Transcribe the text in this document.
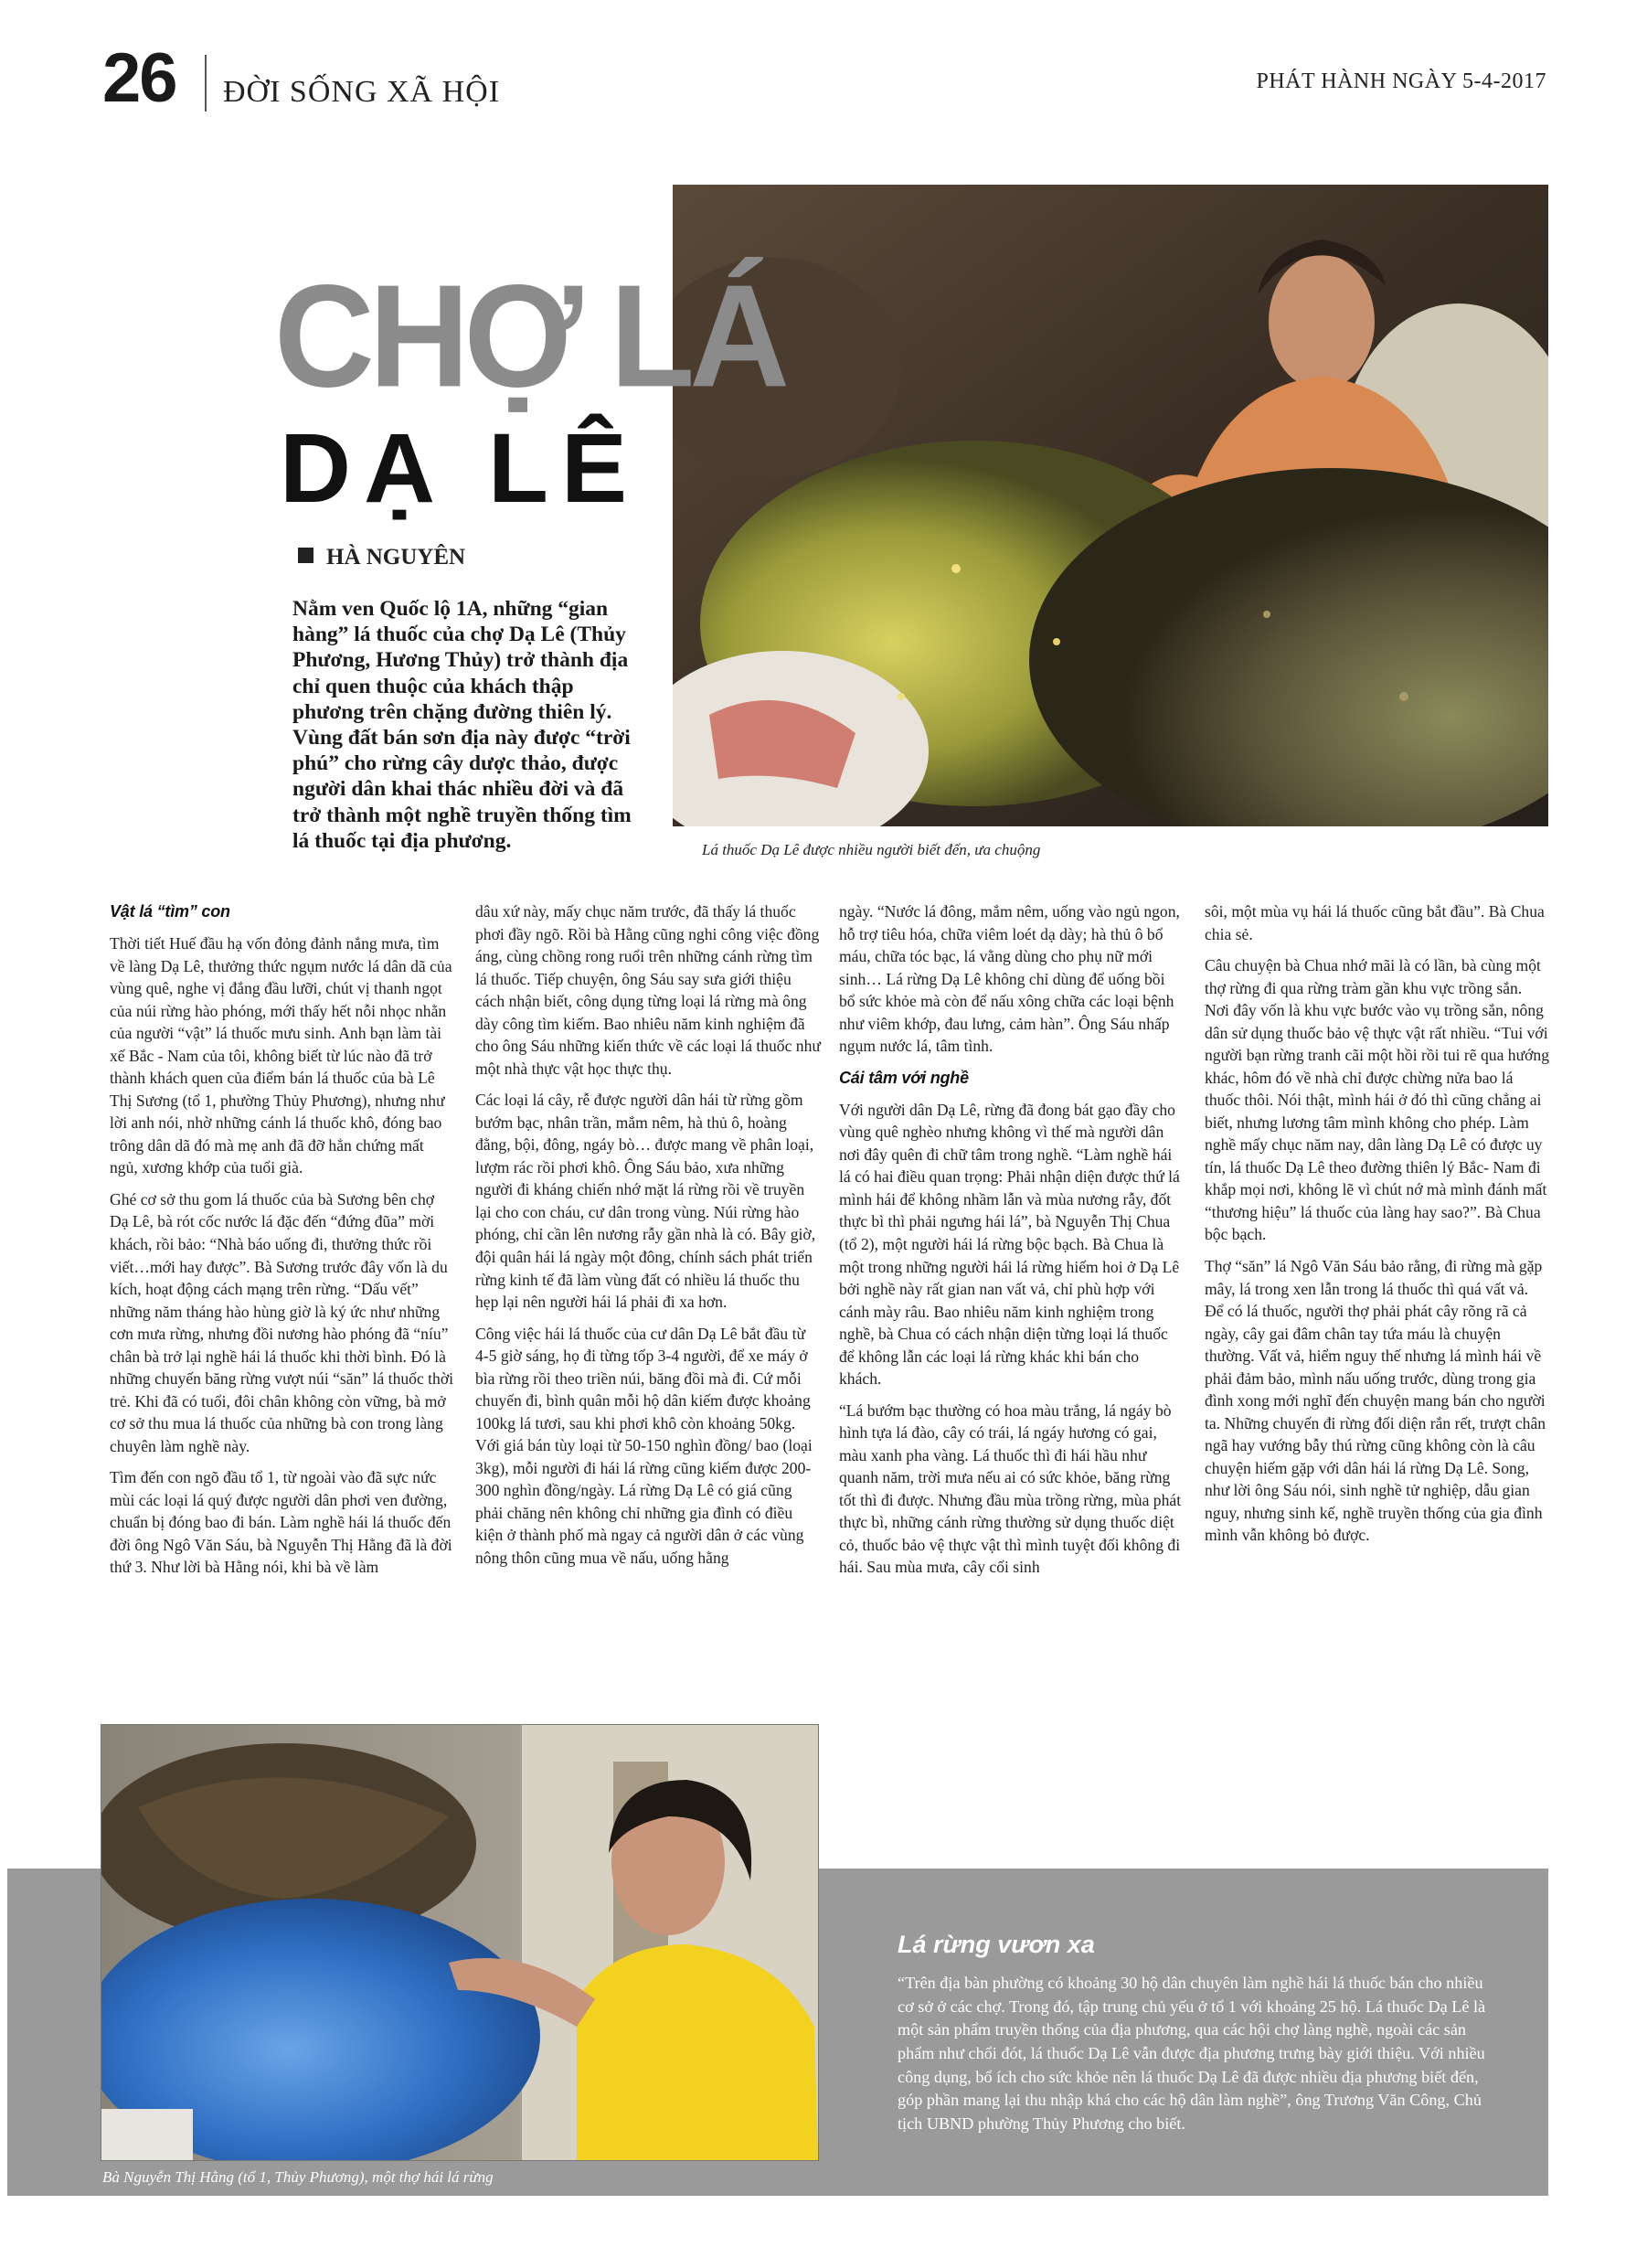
26 ĐỜI SỐNG XÃ HỘI	PHÁT HÀNH NGÀY 5-4-2017
CHỢ LÁ
DẠ LÊ
HÀ NGUYÊN
Nằm ven Quốc lộ 1A, những “gian hàng” lá thuốc của chợ Dạ Lê (Thủy Phương, Hương Thủy) trở thành địa chỉ quen thuộc của khách thập phương trên chặng đường thiên lý. Vùng đất bán sơn địa này được “trời phú” cho rừng cây dược thảo, được người dân khai thác nhiều đời và đã trở thành một nghề truyền thống tìm lá thuốc tại địa phương.	Lá thuốc Dạ Lê được nhiều người biết đến, ưa chuộng
Vật lá “tìm” con

Thời tiết Huế đầu hạ vốn đỏng đảnh nắng mưa, tìm về làng Dạ Lê, thưởng thức ngụm nước lá dân dã của vùng quê, nghe vị đắng đầu lưỡi, chút vị thanh ngọt của núi rừng hào phóng, mới thấy hết nỗi nhọc nhằn của người “vật” lá thuốc mưu sinh. Anh bạn làm tài xế Bắc - Nam của tôi, không biết từ lúc nào đã trở thành khách quen của điểm bán lá thuốc của bà Lê Thị Sương (tổ 1, phường Thủy Phương), nhưng như lời anh nói, nhờ những cánh lá thuốc khô, đóng bao trông dân dã đó mà mẹ anh đã đỡ hẳn chứng mất ngủ, xương khớp của tuổi già.

Ghé cơ sở thu gom lá thuốc của bà Sương bên chợ Dạ Lê, bà rót cốc nước lá đặc đến “đứng đũa” mời khách, rồi bảo: “Nhà báo uống đi, thưởng thức rồi viết…mới hay được”. Bà Sương trước đây vốn là du kích, hoạt động cách mạng trên rừng. “Dấu vết” những năm tháng hào hùng giờ là ký ức như những cơn mưa rừng, nhưng đồi nương hào phóng đã “níu” chân bà trở lại nghề hái lá thuốc khi thời bình. Đó là những chuyến băng rừng vượt núi “săn” lá thuốc thời trẻ. Khi đã có tuổi, đôi chân không còn vững, bà mở cơ sở thu mua lá thuốc của những bà con trong làng chuyên làm nghề này.

Tìm đến con ngõ đầu tổ 1, từ ngoài vào đã sực nức mùi các loại lá quý được người dân phơi ven đường, chuẩn bị đóng bao đi bán. Làm nghề hái lá thuốc đến đời ông Ngô Văn Sáu, bà Nguyễn Thị Hằng đã là đời thứ 3. Như lời bà Hằng nói, khi bà về làm

dâu xứ này, mấy chục năm trước, đã thấy lá thuốc phơi đầy ngõ. Rồi bà Hằng cũng nghi công việc đồng áng, cùng chồng rong ruổi trên những cánh rừng tìm lá thuốc. Tiếp chuyện, ông Sáu say sưa giới thiệu cách nhận biết, công dụng từng loại lá rừng mà ông dày công tìm kiếm. Bao nhiêu năm kinh nghiệm đã cho ông Sáu những kiến thức về các loại lá thuốc như một nhà thực vật học thực thụ.

Các loại lá cây, rễ được người dân hái từ rừng gồm bướm bạc, nhân trần, mắm nêm, hà thủ ô, hoàng đằng, bội, đông, ngáy bò… được mang về phân loại, lượm rác rồi phơi khô. Ông Sáu bảo, xưa những người đi kháng chiến nhớ mặt lá rừng rồi về truyền lại cho con cháu, cư dân trong vùng. Núi rừng hào phóng, chỉ cần lên nương rẫy gần nhà là có. Bây giờ, đội quân hái lá ngày một đông, chính sách phát triển rừng kinh tế đã làm vùng đất có nhiều lá thuốc thu hẹp lại nên người hái lá phải đi xa hơn.

Công việc hái lá thuốc của cư dân Dạ Lê bắt đầu từ 4-5 giờ sáng, họ đi từng tốp 3-4 người, để xe máy ở bìa rừng rồi theo triền núi, băng đồi mà đi. Cứ mỗi chuyến đi, bình quân mỗi hộ dân kiếm được khoảng 100kg lá tươi, sau khi phơi khô còn khoảng 50kg. Với giá bán tùy loại từ 50-150 nghìn đồng/ bao (loại 3kg), mỗi người đi hái lá rừng cũng kiếm được 200-300 nghìn đồng/ngày. Lá rừng Dạ Lê có giá cũng phải chăng nên không chỉ những gia đình có điều kiện ở thành phố mà ngay cả người dân ở các vùng nông thôn cũng mua về nấu, uống hằng

ngày. “Nước lá đông, mắm nêm, uống vào ngủ ngon, hỗ trợ tiêu hóa, chữa viêm loét dạ dày; hà thủ ô bổ máu, chữa tóc bạc, lá vằng dùng cho phụ nữ mới sinh… Lá rừng Dạ Lê không chỉ dùng để uống bồi bổ sức khỏe mà còn để nấu xông chữa các loại bệnh như viêm khớp, đau lưng, cảm hàn”. Ông Sáu nhấp ngụm nước lá, tâm tình.

Cái tâm với nghề

Với người dân Dạ Lê, rừng đã đong bát gạo đầy cho vùng quê nghèo nhưng không vì thế mà người dân nơi đây quên đi chữ tâm trong nghề. “Làm nghề hái lá có hai điều quan trọng: Phải nhận diện được thứ lá mình hái để không nhầm lẫn và mùa nương rẫy, đốt thực bì thì phải ngưng hái lá”, bà Nguyễn Thị Chua (tổ 2), một người hái lá rừng bộc bạch. Bà Chua là một trong những người hái lá rừng hiếm hoi ở Dạ Lê bởi nghề này rất gian nan vất vả, chỉ phù hợp với cánh mày râu. Bao nhiêu năm kinh nghiệm trong nghề, bà Chua có cách nhận diện từng loại lá thuốc để không lẫn các loại lá rừng khác khi bán cho khách.

“Lá bướm bạc thường có hoa màu trắng, lá ngáy bò hình tựa lá đào, cây có trái, lá ngáy hương có gai, màu xanh pha vàng. Lá thuốc thì đi hái hầu như quanh năm, trời mưa nếu ai có sức khỏe, băng rừng tốt thì đi được. Nhưng đầu mùa trồng rừng, mùa phát thực bì, những cánh rừng thường sử dụng thuốc diệt cỏ, thuốc bảo vệ thực vật thì mình tuyệt đối không đi hái. Sau mùa mưa, cây cối sinh

sôi, một mùa vụ hái lá thuốc cũng bắt đầu”. Bà Chua chia sẻ.

Câu chuyện bà Chua nhớ mãi là có lần, bà cùng một thợ rừng đi qua rừng tràm gần khu vực trồng sắn. Nơi đây vốn là khu vực bước vào vụ trồng sắn, nông dân sử dụng thuốc bảo vệ thực vật rất nhiều. “Tui với người bạn rừng tranh cãi một hồi rồi tui rẽ qua hướng khác, hôm đó về nhà chỉ được chừng nửa bao lá thuốc thôi. Nói thật, mình hái ở đó thì cũng chẳng ai biết, nhưng lương tâm mình không cho phép. Làm nghề mấy chục năm nay, dân làng Dạ Lê có được uy tín, lá thuốc Dạ Lê theo đường thiên lý Bắc- Nam đi khắp mọi nơi, không lẽ vì chút nớ mà mình đánh mất “thương hiệu” lá thuốc của làng hay sao?”. Bà Chua bộc bạch.

Thợ “săn” lá Ngô Văn Sáu bảo rằng, đi rừng mà gặp mây, lá trong xen lẫn trong lá thuốc thì quá vất vả. Để có lá thuốc, người thợ phải phát cây rõng rã cả ngày, cây gai đâm chân tay tứa máu là chuyện thường. Vất vả, hiểm nguy thế nhưng lá mình hái về phải đảm bảo, mình nấu uống trước, dùng trong gia đình xong mới nghĩ đến chuyện mang bán cho người ta. Những chuyến đi rừng đối diện rắn rết, trượt chân ngã hay vướng bẫy thú rừng cũng không còn là câu chuyện hiếm gặp với dân hái lá rừng Dạ Lê. Song, như lời ông Sáu nói, sinh nghề tử nghiệp, dẫu gian nguy, nhưng sinh kế, nghề truyền thống của gia đình mình vẫn không bỏ được.

Bà Nguyễn Thị Hằng (tổ 1, Thủy Phương), một thợ hái lá rừng
Lá rừng vươn xa
“Trên địa bàn phường có khoảng 30 hộ dân chuyên làm nghề hái lá thuốc bán cho nhiều cơ sở ở các chợ. Trong đó, tập trung chủ yếu ở tổ 1 với khoảng 25 hộ. Lá thuốc Dạ Lê là một sản phẩm truyền thống của địa phương, qua các hội chợ làng nghề, ngoài các sản phẩm như chổi đót, lá thuốc Dạ Lê vẫn được địa phương trưng bày giới thiệu. Với nhiều công dụng, bổ ích cho sức khỏe nên lá thuốc Dạ Lê đã được nhiều địa phương biết đến, góp phần mang lại thu nhập khá cho các hộ dân làm nghề”, ông Trương Văn Công, Chủ tịch UBND phường Thủy Phương cho biết.
